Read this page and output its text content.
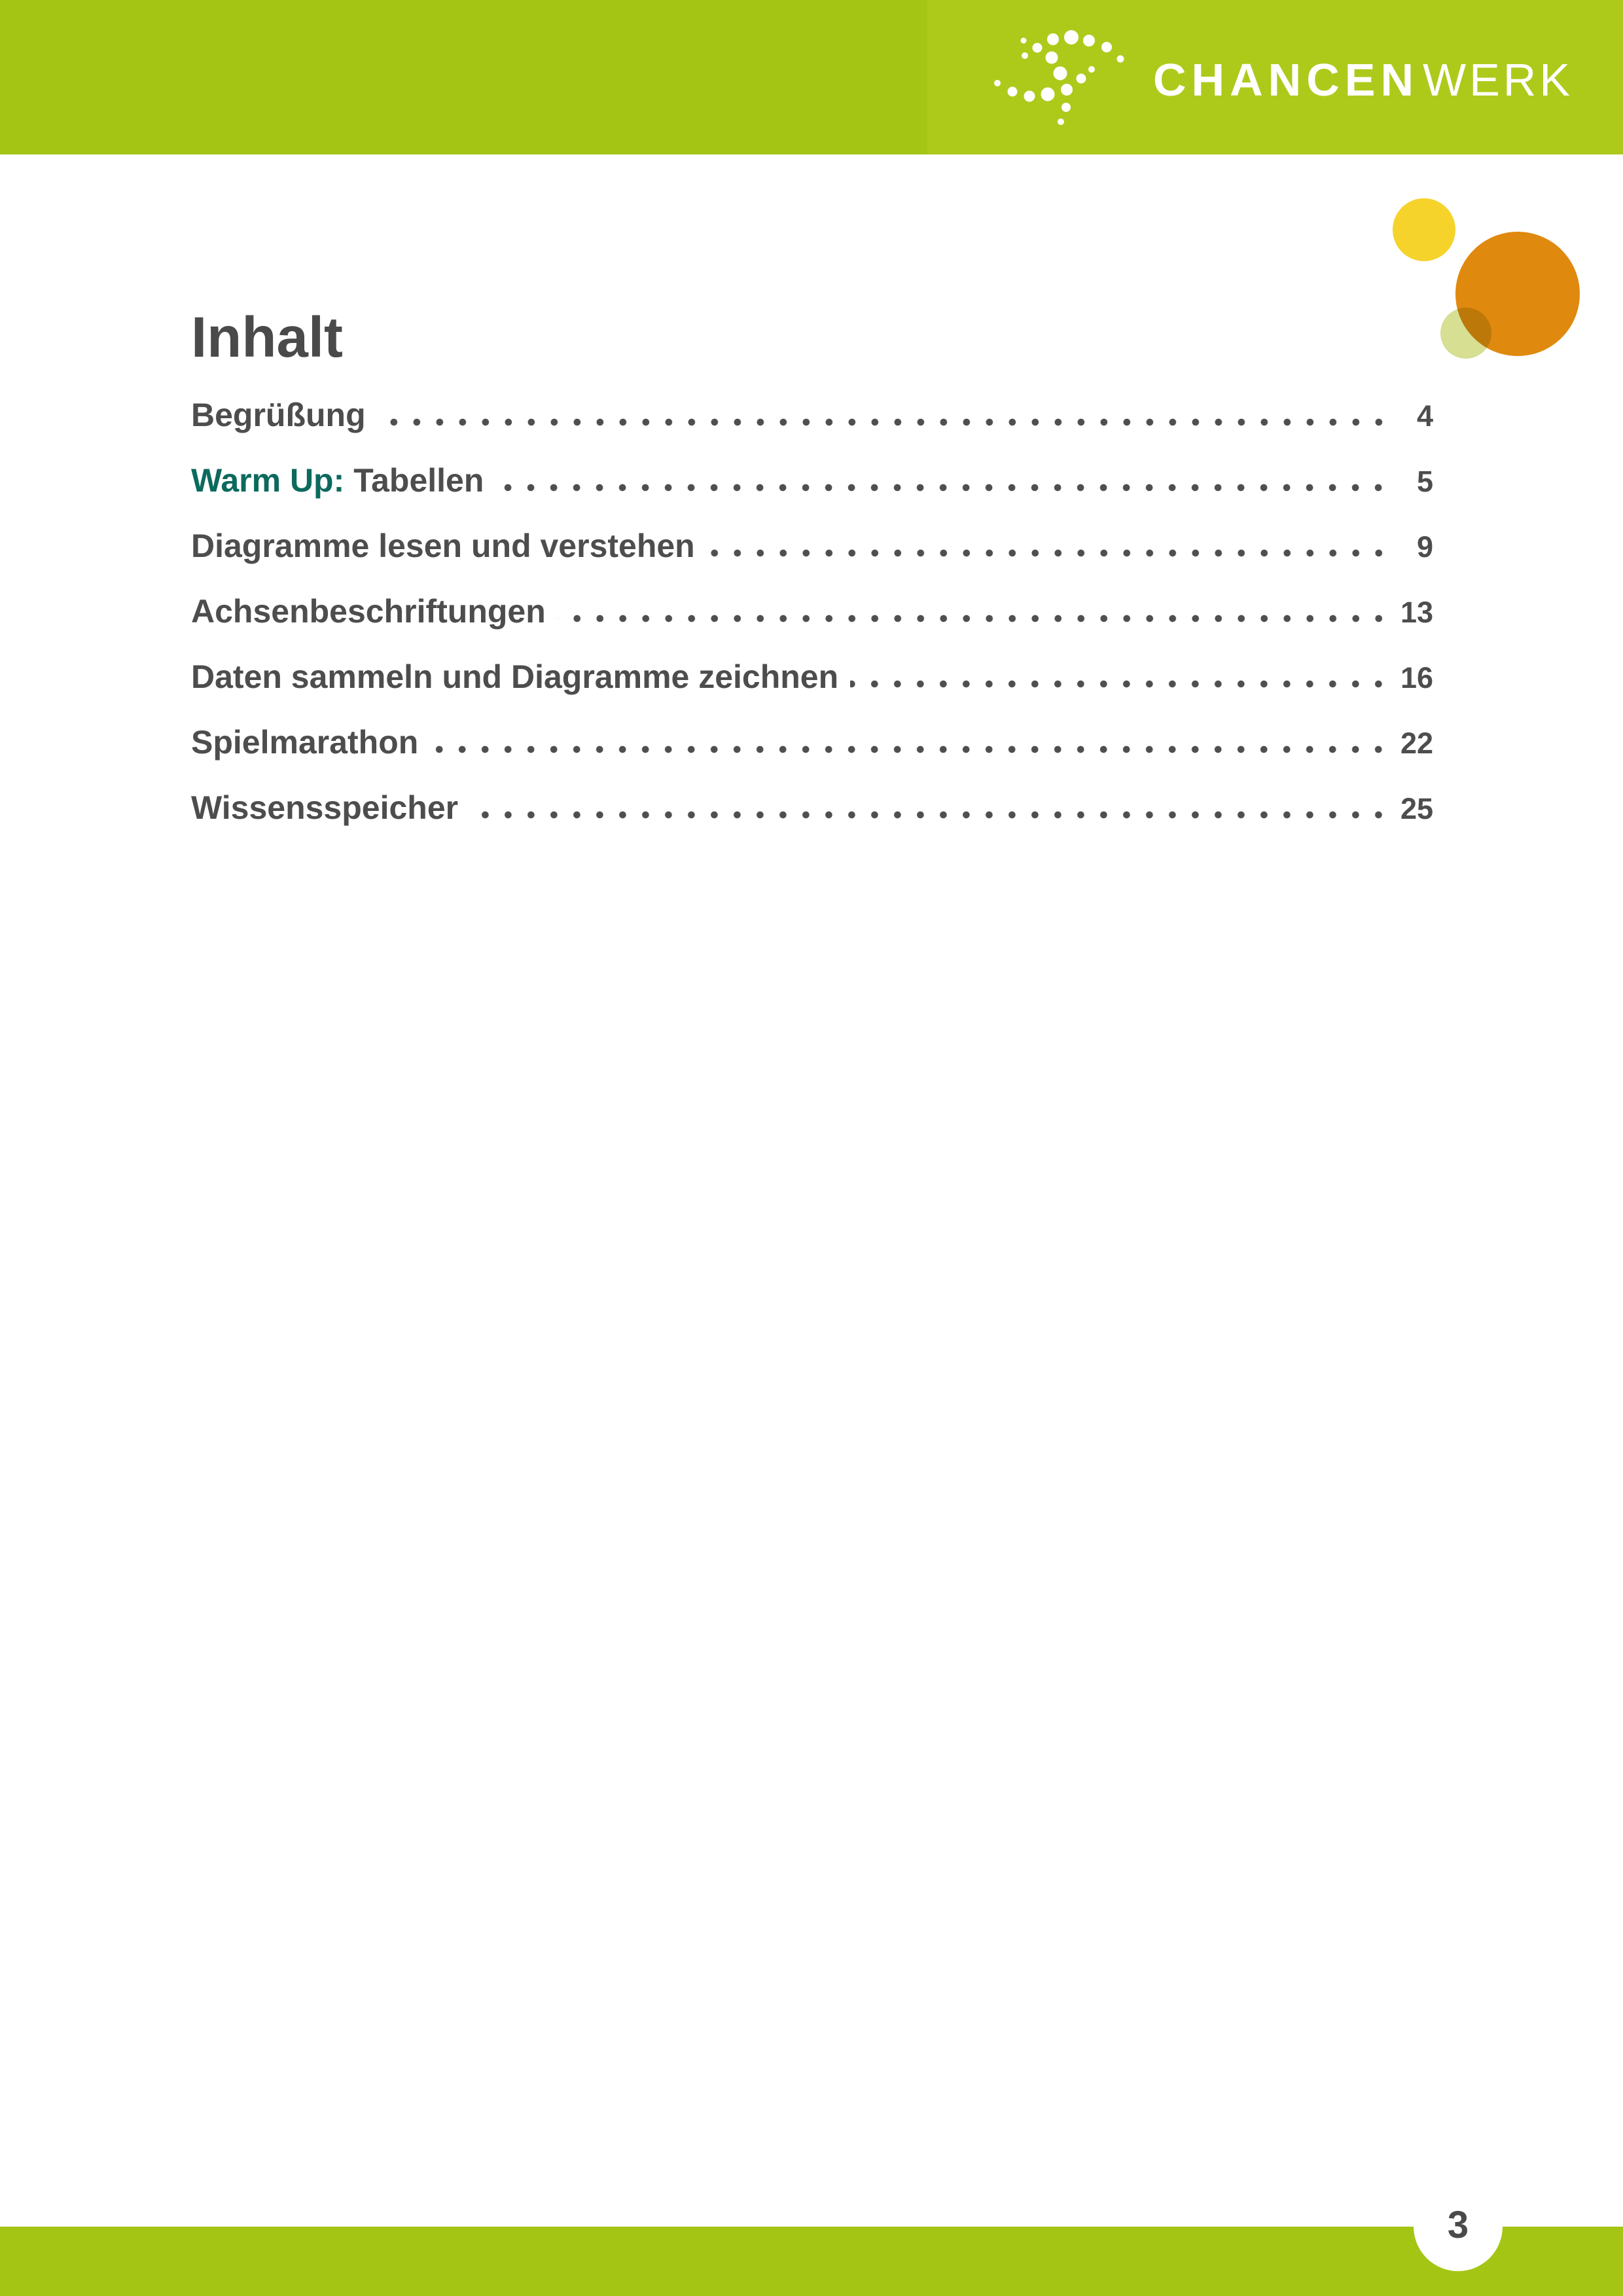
CHANCENWERK
Inhalt
Begrüßung	4
Warm Up: Tabellen	5
Diagramme lesen und verstehen	9
Achsenbeschriftungen	13
Daten sammeln und Diagramme zeichnen	16
Spielmarathon	22
Wissensspeicher	25
3
